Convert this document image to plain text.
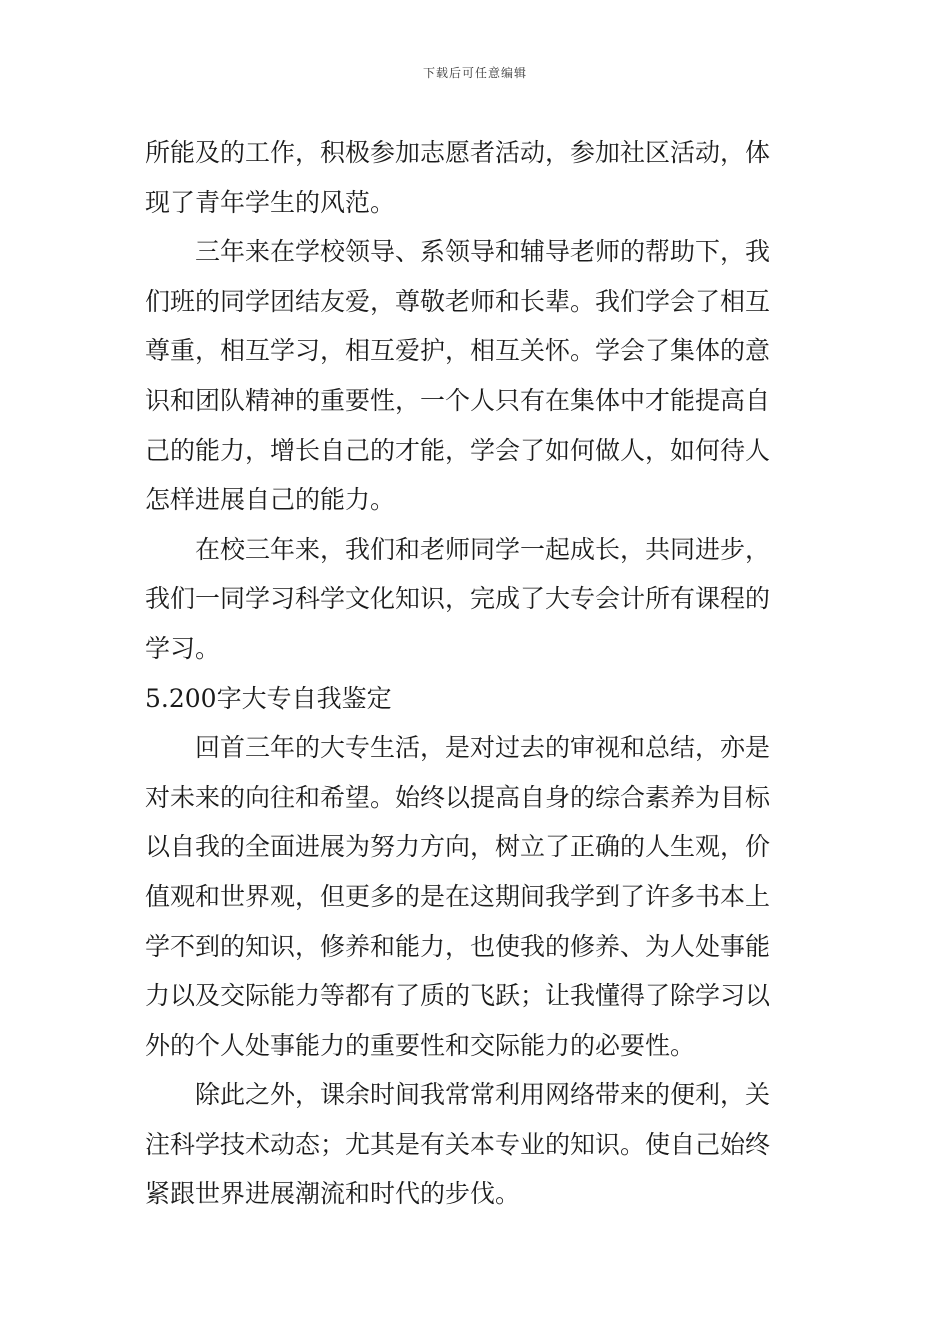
下载后可任意编辑
所能及的工作，积极参加志愿者活动，参加社区活动，体
现了青年学生的风范。
三年来在学校领导、系领导和辅导老师的帮助下，我
们班的同学团结友爱，尊敬老师和长辈。我们学会了相互
尊重，相互学习，相互爱护，相互关怀。学会了集体的意
识和团队精神的重要性，一个人只有在集体中才能提高自
己的能力，增长自己的才能，学会了如何做人，如何待人
怎样进展自己的能力。
在校三年来，我们和老师同学一起成长，共同进步，
我们一同学习科学文化知识，完成了大专会计所有课程的
学习。
5.200字大专自我鉴定
回首三年的大专生活，是对过去的审视和总结，亦是
对未来的向往和希望。始终以提高自身的综合素养为目标
以自我的全面进展为努力方向，树立了正确的人生观，价
值观和世界观，但更多的是在这期间我学到了许多书本上
学不到的知识，修养和能力，也使我的修养、为人处事能
力以及交际能力等都有了质的飞跃；让我懂得了除学习以
外的个人处事能力的重要性和交际能力的必要性。
除此之外，课余时间我常常利用网络带来的便利，关
注科学技术动态；尤其是有关本专业的知识。使自己始终
紧跟世界进展潮流和时代的步伐。
